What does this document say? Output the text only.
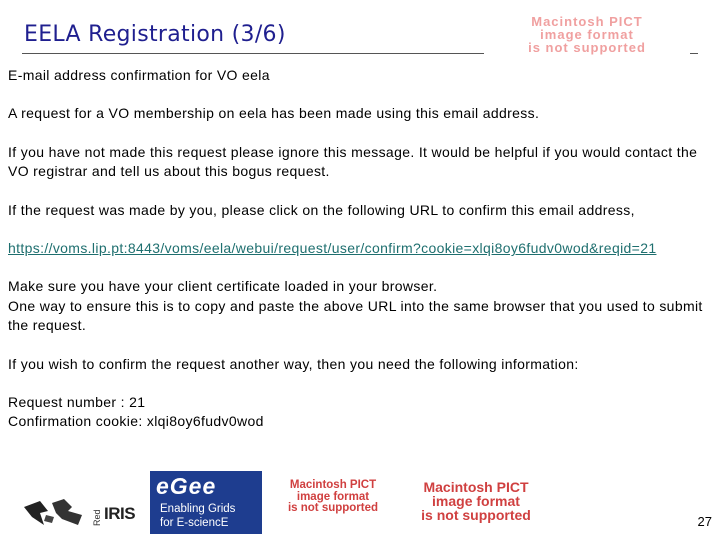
EELA Registration (3/6)
Macintosh PICT
image format
is not supported

E-mail address confirmation for VO eela

A request for a VO membership on eela has been made using this email address.

If you have not made this request please ignore this message. It would be helpful if you would contact the VO registrar and tell us about this bogus request.

If the request was made by you, please click on the following URL to confirm this email address,

https://voms.lip.pt:8443/voms/eela/webui/request/user/confirm?cookie=xlqi8oy6fudv0wod&reqid=21

Make sure you have your client certificate loaded in your browser.
One way to ensure this is to copy and paste the above URL into the same browser that you used to submit the request.

If you wish to confirm the request another way, then you need the following information:

Request number : 21

Confirmation cookie: xlqi8oy6fudv0wod

Red IRIS
eGee
Enabling Grids
for E-sciencE
Macintosh PICT
image format
is not supported
Macintosh PICT
image format
is not supported	27
